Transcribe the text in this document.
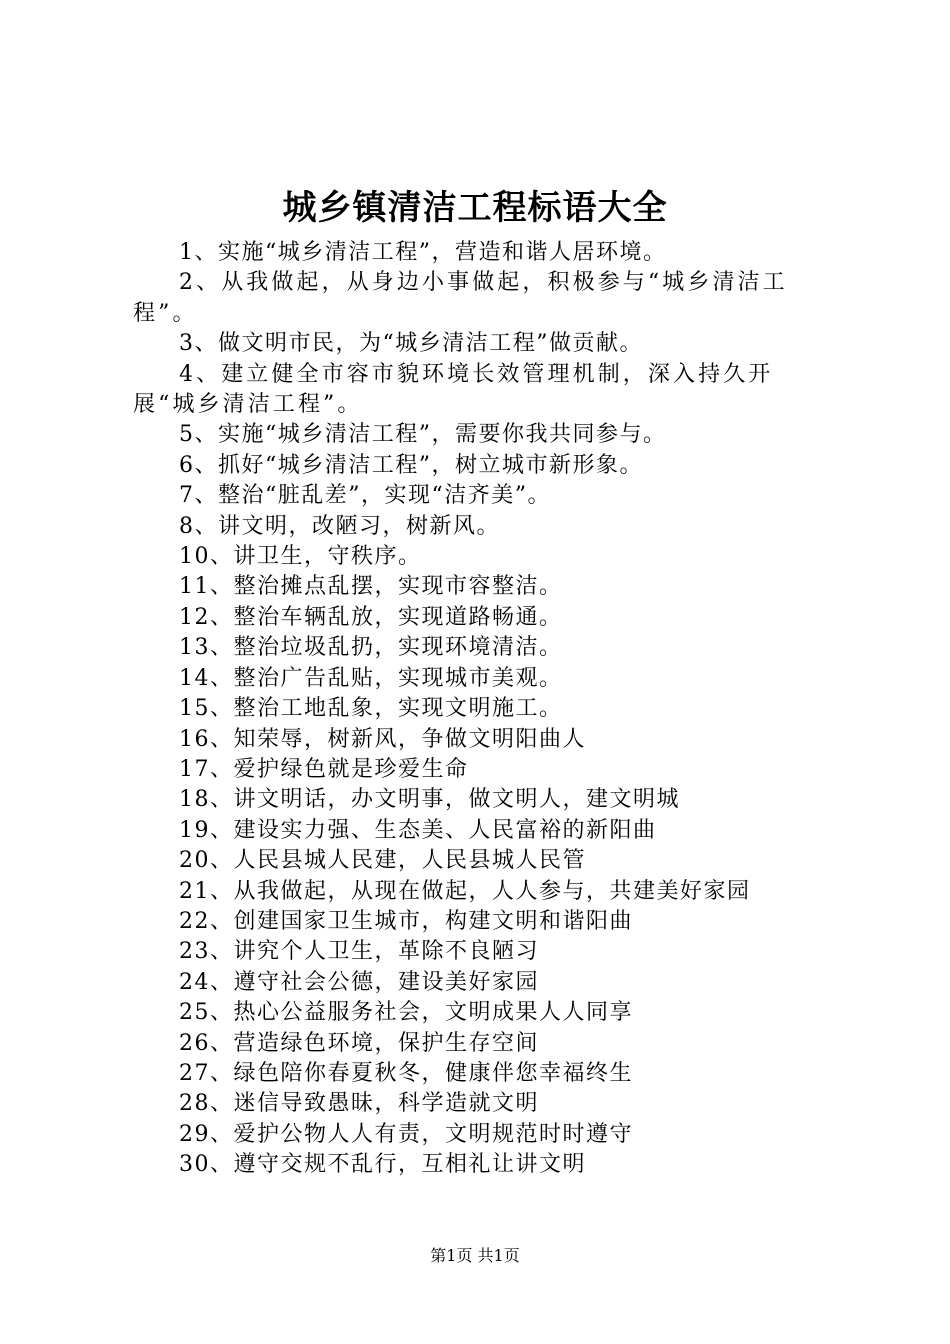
城乡镇清洁工程标语大全
1、实施“城乡清洁工程”，营造和谐人居环境。
2、从我做起，从身边小事做起，积极参与“城乡清洁工程”。
3、做文明市民，为“城乡清洁工程”做贡献。
4、建立健全市容市貌环境长效管理机制，深入持久开展“城乡清洁工程”。
5、实施“城乡清洁工程”，需要你我共同参与。
6、抓好“城乡清洁工程”，树立城市新形象。
7、整治“脏乱差”，实现“洁齐美”。
8、讲文明，改陋习，树新风。
10、讲卫生，守秩序。
11、整治摊点乱摆，实现市容整洁。
12、整治车辆乱放，实现道路畅通。
13、整治垃圾乱扔，实现环境清洁。
14、整治广告乱贴，实现城市美观。
15、整治工地乱象，实现文明施工。
16、知荣辱，树新风，争做文明阳曲人
17、爱护绿色就是珍爱生命
18、讲文明话，办文明事，做文明人，建文明城
19、建设实力强、生态美、人民富裕的新阳曲
20、人民县城人民建，人民县城人民管
21、从我做起，从现在做起，人人参与，共建美好家园
22、创建国家卫生城市，构建文明和谐阳曲
23、讲究个人卫生，革除不良陋习
24、遵守社会公德，建设美好家园
25、热心公益服务社会，文明成果人人同享
26、营造绿色环境，保护生存空间
27、绿色陪你春夏秋冬，健康伴您幸福终生
28、迷信导致愚昧，科学造就文明
29、爱护公物人人有责，文明规范时时遵守
30、遵守交规不乱行，互相礼让讲文明
第1页 共1页
